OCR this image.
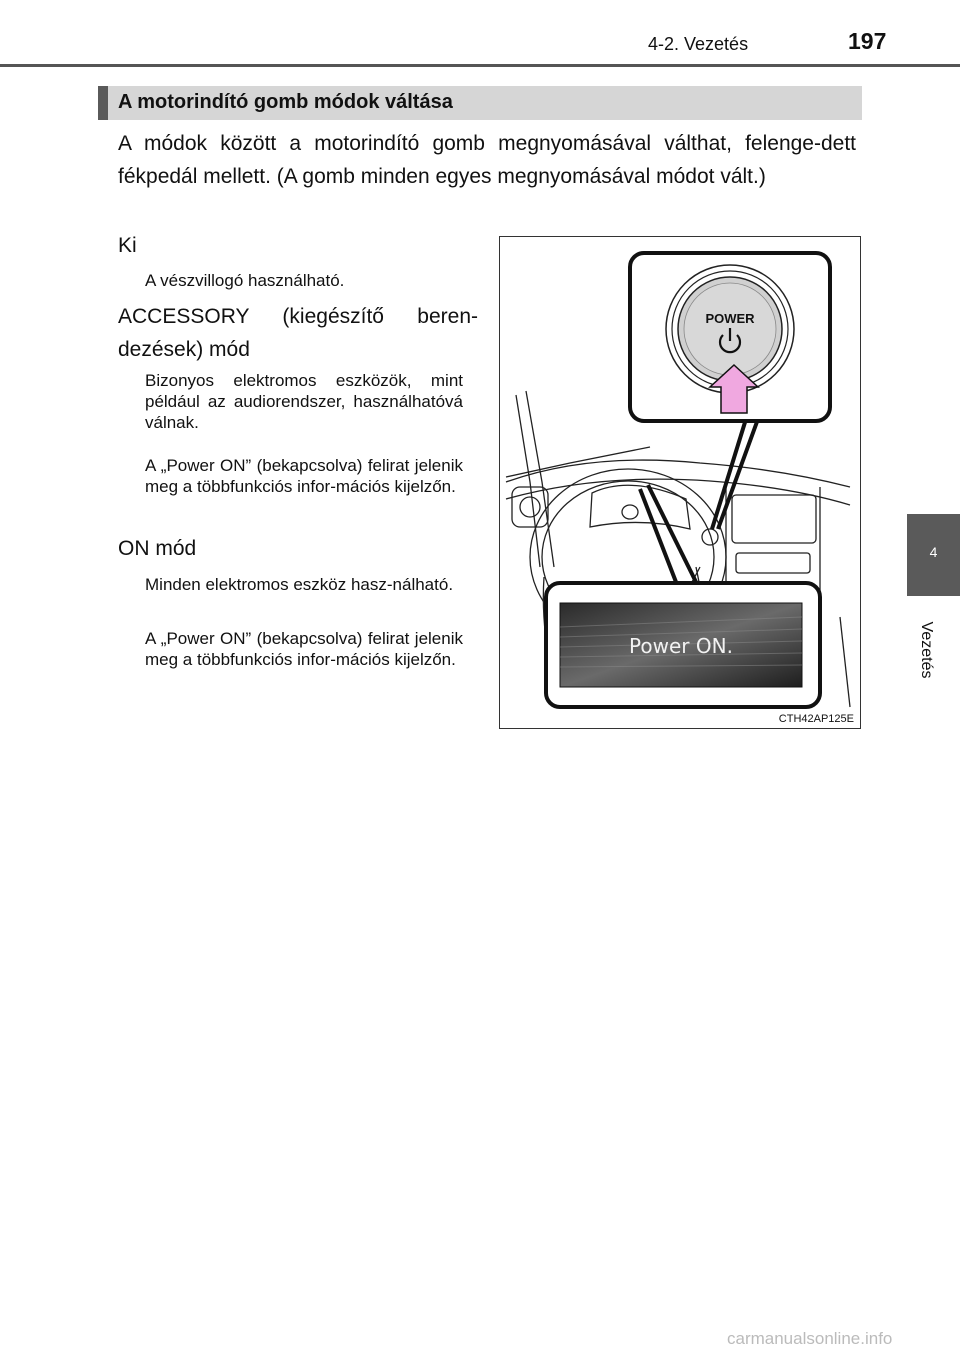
4-2. Vezetés	197
A motorindító gomb módok váltása
A módok között a motorindító gomb megnyomásával válthat, felenge-dett fékpedál mellett. (A gomb minden egyes megnyomásával módot vált.)
Ki
A vészvillogó használható.
ACCESSORY (kiegészítő beren-dezések) mód
Bizonyos elektromos eszközök, mint például az audiorendszer, használhatóvá válnak.
A „Power ON” (bekapcsolva) felirat jelenik meg a többfunkciós infor-mációs kijelzőn.
ON mód
Minden elektromos eszköz hasz-nálható.
A „Power ON” (bekapcsolva) felirat jelenik meg a többfunkciós infor-mációs kijelzőn.
POWER
Power ON.
CTH42AP125E
4
Vezetés
carmanualsonline.info
